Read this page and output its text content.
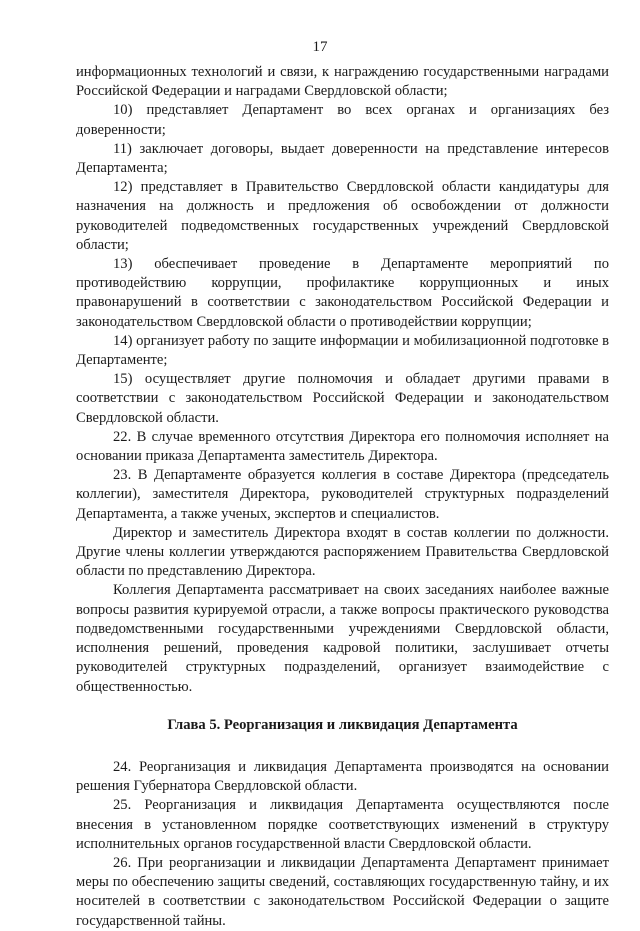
17

информационных технологий и связи, к награждению государственными наградами Российской Федерации и наградами Свердловской области;

10) представляет Департамент во всех органах и организациях без доверенности;

11) заключает договоры, выдает доверенности на представление интересов Департамента;

12) представляет в Правительство Свердловской области кандидатуры для назначения на должность и предложения об освобождении от должности руководителей подведомственных государственных учреждений Свердловской области;

13) обеспечивает проведение в Департаменте мероприятий по противодействию коррупции, профилактике коррупционных и иных правонарушений в соответствии с законодательством Российской Федерации и законодательством Свердловской области о противодействии коррупции;

14) организует работу по защите информации и мобилизационной подготовке в Департаменте;

15) осуществляет другие полномочия и обладает другими правами в соответствии с законодательством Российской Федерации и законодательством Свердловской области.

22. В случае временного отсутствия Директора его полномочия исполняет на основании приказа Департамента заместитель Директора.

23. В Департаменте образуется коллегия в составе Директора (председатель коллегии), заместителя Директора, руководителей структурных подразделений Департамента, а также ученых, экспертов и специалистов.

Директор и заместитель Директора входят в состав коллегии по должности. Другие члены коллегии утверждаются распоряжением Правительства Свердловской области по представлению Директора.

Коллегия Департамента рассматривает на своих заседаниях наиболее важные вопросы развития курируемой отрасли, а также вопросы практического руководства подведомственными государственными учреждениями Свердловской области, исполнения решений, проведения кадровой политики, заслушивает отчеты руководителей структурных подразделений, организует взаимодействие с общественностью.

Глава 5. Реорганизация и ликвидация Департамента

24. Реорганизация и ликвидация Департамента производятся на основании решения Губернатора Свердловской области.

25. Реорганизация и ликвидация Департамента осуществляются после внесения в установленном порядке соответствующих изменений в структуру исполнительных органов государственной власти Свердловской области.

26. При реорганизации и ликвидации Департамента Департамент принимает меры по обеспечению защиты сведений, составляющих государственную тайну, и их носителей в соответствии с законодательством Российской Федерации о защите государственной тайны.
